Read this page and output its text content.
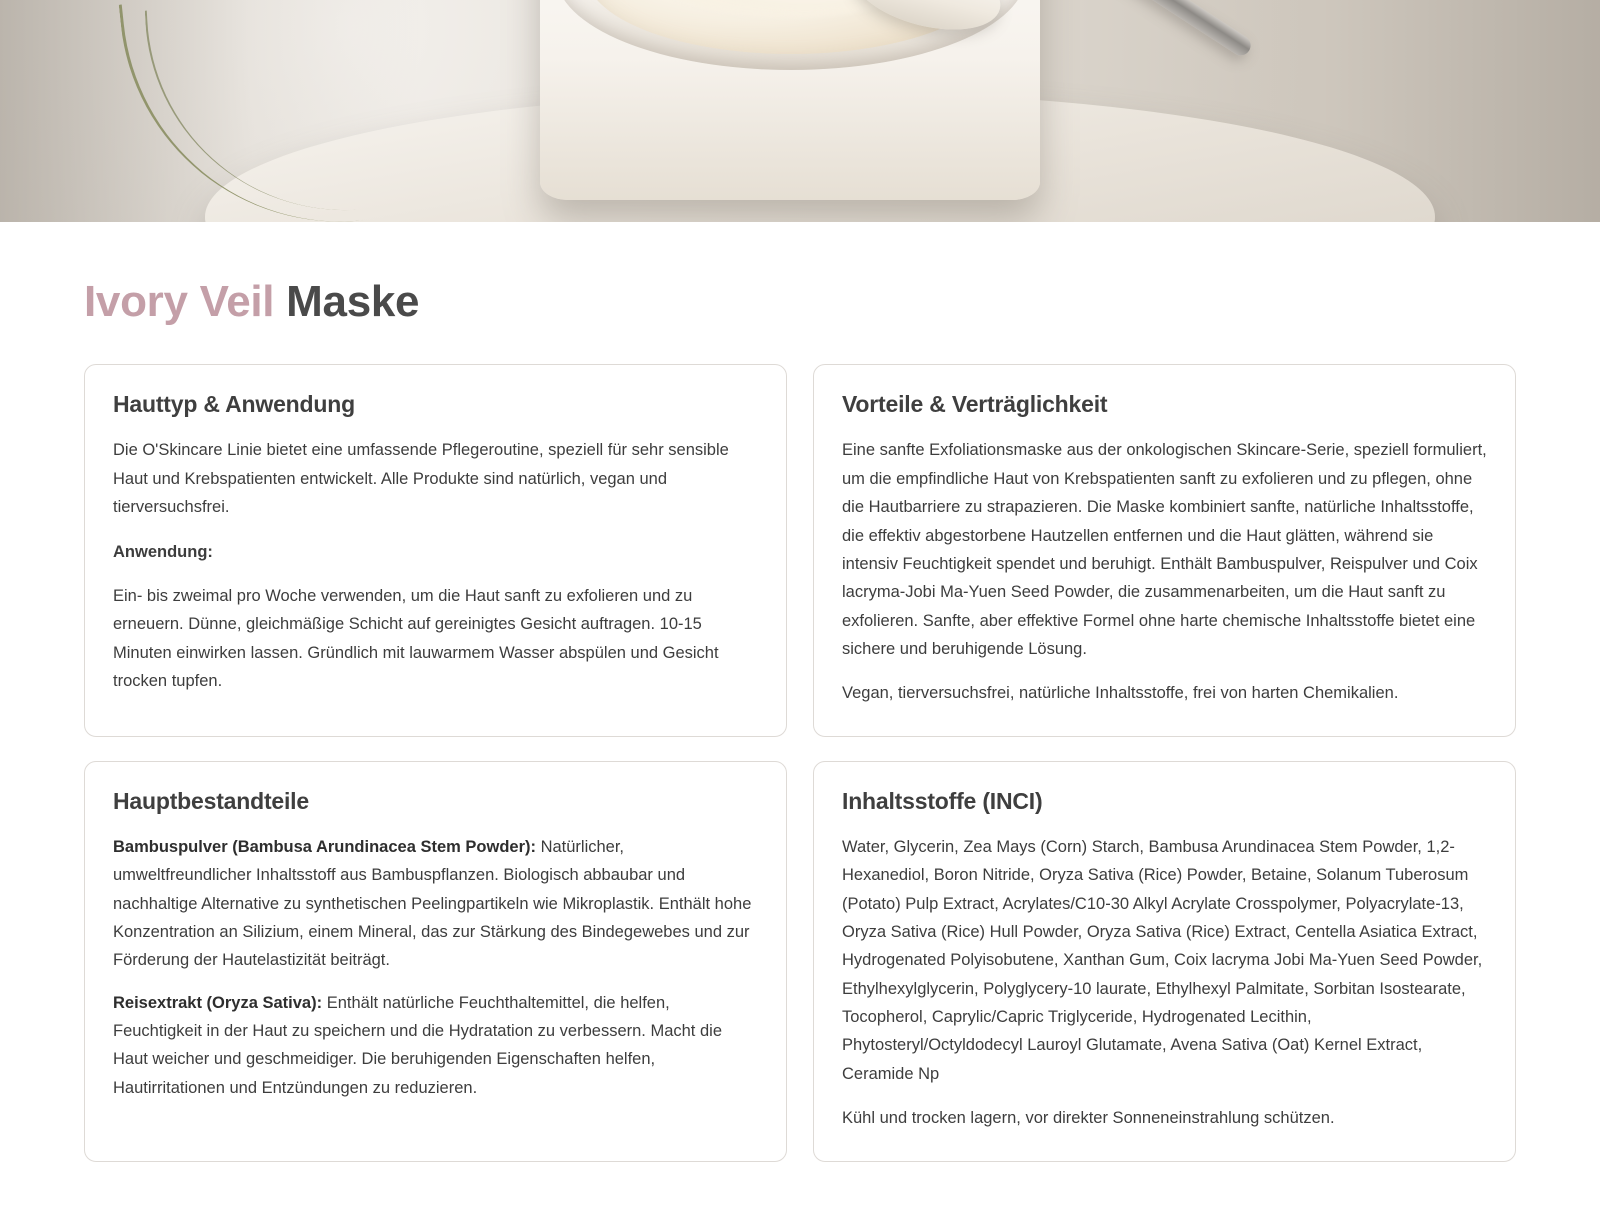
Ivory Veil Maske
Hauttyp & Anwendung

Die O'Skincare Linie bietet eine umfassende Pflegeroutine, speziell für sehr sensible Haut und Krebspatienten entwickelt. Alle Produkte sind natürlich, vegan und tierversuchsfrei.

Anwendung:

Ein- bis zweimal pro Woche verwenden, um die Haut sanft zu exfolieren und zu erneuern. Dünne, gleichmäßige Schicht auf gereinigtes Gesicht auftragen. 10-15 Minuten einwirken lassen. Gründlich mit lauwarmem Wasser abspülen und Gesicht trocken tupfen.

Vorteile & Verträglichkeit

Eine sanfte Exfoliationsmaske aus der onkologischen Skincare-Serie, speziell formuliert, um die empfindliche Haut von Krebspatienten sanft zu exfolieren und zu pflegen, ohne die Hautbarriere zu strapazieren. Die Maske kombiniert sanfte, natürliche Inhaltsstoffe, die effektiv abgestorbene Hautzellen entfernen und die Haut glätten, während sie intensiv Feuchtigkeit spendet und beruhigt. Enthält Bambuspulver, Reispulver und Coix lacryma-Jobi Ma-Yuen Seed Powder, die zusammenarbeiten, um die Haut sanft zu exfolieren. Sanfte, aber effektive Formel ohne harte chemische Inhaltsstoffe bietet eine sichere und beruhigende Lösung.

Vegan, tierversuchsfrei, natürliche Inhaltsstoffe, frei von harten Chemikalien.

Hauptbestandteile

Bambuspulver (Bambusa Arundinacea Stem Powder): Natürlicher, umweltfreundlicher Inhaltsstoff aus Bambuspflanzen. Biologisch abbaubar und nachhaltige Alternative zu synthetischen Peelingpartikeln wie Mikroplastik. Enthält hohe Konzentration an Silizium, einem Mineral, das zur Stärkung des Bindegewebes und zur Förderung der Hautelastizität beiträgt.

Reisextrakt (Oryza Sativa): Enthält natürliche Feuchthaltemittel, die helfen, Feuchtigkeit in der Haut zu speichern und die Hydratation zu verbessern. Macht die Haut weicher und geschmeidiger. Die beruhigenden Eigenschaften helfen, Hautirritationen und Entzündungen zu reduzieren.

Inhaltsstoffe (INCI)

Water, Glycerin, Zea Mays (Corn) Starch, Bambusa Arundinacea Stem Powder, 1,2-Hexanediol, Boron Nitride, Oryza Sativa (Rice) Powder, Betaine, Solanum Tuberosum (Potato) Pulp Extract, Acrylates/C10-30 Alkyl Acrylate Crosspolymer, Polyacrylate-13, Oryza Sativa (Rice) Hull Powder, Oryza Sativa (Rice) Extract, Centella Asiatica Extract, Hydrogenated Polyisobutene, Xanthan Gum, Coix lacryma Jobi Ma-Yuen Seed Powder, Ethylhexylglycerin, Polyglycery-10 laurate, Ethylhexyl Palmitate, Sorbitan Isostearate, Tocopherol, Caprylic/Capric Triglyceride, Hydrogenated Lecithin, Phytosteryl/Octyldodecyl Lauroyl Glutamate, Avena Sativa (Oat) Kernel Extract, Ceramide Np

Kühl und trocken lagern, vor direkter Sonneneinstrahlung schützen.
